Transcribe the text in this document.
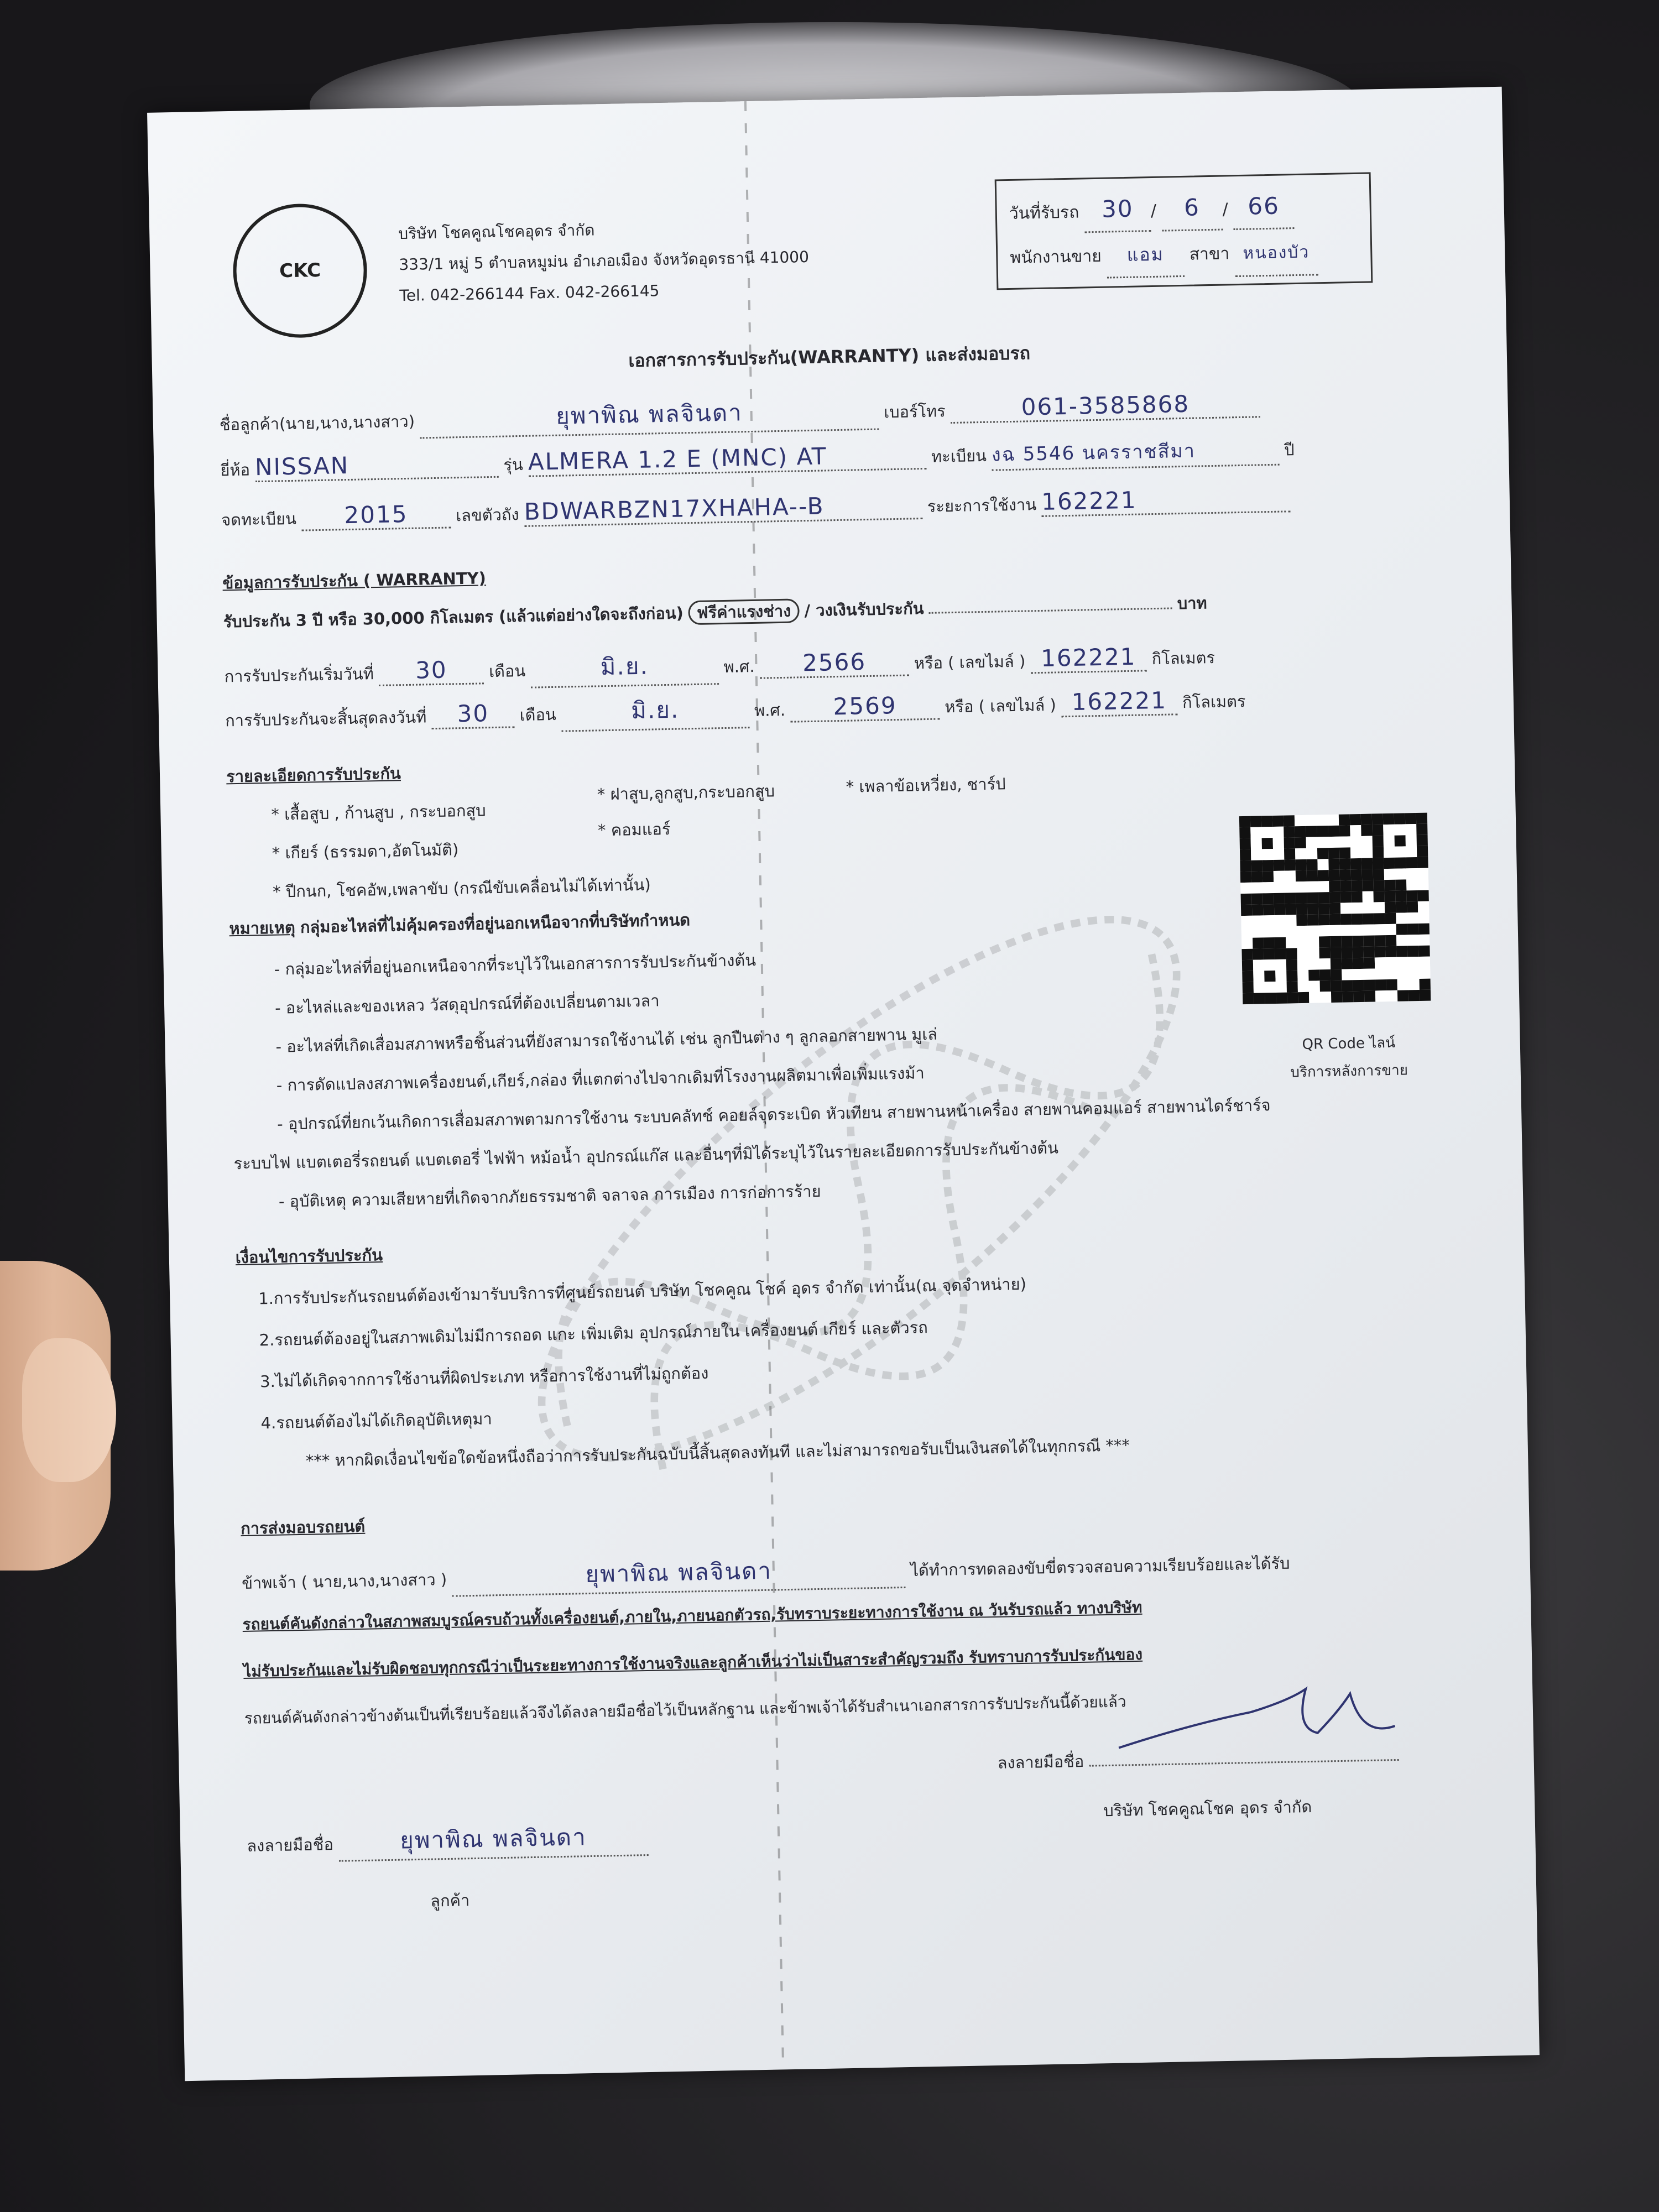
CKC
บริษัท โชคคูณโชคอุดร จำกัด
333/1 หมู่ 5 ตำบลหมูม่น อำเภอเมือง จังหวัดอุดรธานี 41000
Tel. 042-266144 Fax. 042-266145
วันที่รับรถ 30 / 6 / 66
พนักงานขาย แอม สาขา หนองบัว
เอกสารการรับประกัน(WARRANTY) และส่งมอบรถ
ชื่อลูกค้า(นาย,นาง,นางสาว)	ยุพาพิณ พลจินดา	เบอร์โทร	061-3585868
ยี่ห้อ NISSAN	รุ่น ALMERA 1.2 E (MNC) AT	ทะเบียน งฉ 5546 นครราชสีมา	ปี
จดทะเบียน 2015	เลขตัวถัง BDWARBZN17XHAHA--B	ระยะการใช้งาน 162221
ข้อมูลการรับประกัน ( WARRANTY)
รับประกัน 3 ปี หรือ 30,000 กิโลเมตร (แล้วแต่อย่างใดจะถึงก่อน) ฟรีค่าแรงช่าง / วงเงินรับประกัน	บาท
การรับประกันเริ่มวันที่ 30	เดือน	มิ.ย.	พ.ศ. 2566	หรือ ( เลขไมล์ ) 162221 กิโลเมตร
การรับประกันจะสิ้นสุดลงวันที่ 30 เดือน	มิ.ย.	พ.ศ. 2569	หรือ ( เลขไมล์ ) 162221 กิโลเมตร
รายละเอียดการรับประกัน
* เสื้อสูบ , ก้านสูบ , กระบอกสูบ
* ฝาสูบ,ลูกสูบ,กระบอกสูบ	* เพลาข้อเหวี่ยง, ชาร์ป
* เกียร์ (ธรรมดา,อัตโนมัติ)
* คอมแอร์
* ปีกนก, โชคอัพ,เพลาขับ (กรณีขับเคลื่อนไม่ได้เท่านั้น)
หมายเหตุ กลุ่มอะไหล่ที่ไม่คุ้มครองที่อยู่นอกเหนือจากที่บริษัทกำหนด
- กลุ่มอะไหล่ที่อยู่นอกเหนือจากที่ระบุไว้ในเอกสารการรับประกันข้างต้น
- อะไหล่และของเหลว วัสดุอุปกรณ์ที่ต้องเปลี่ยนตามเวลา
- อะไหล่ที่เกิดเสื่อมสภาพหรือชิ้นส่วนที่ยังสามารถใช้งานได้ เช่น ลูกปืนต่าง ๆ ลูกลอกสายพาน มูเล่
- การดัดแปลงสภาพเครื่องยนต์,เกียร์,กล่อง ที่แตกต่างไปจากเดิมที่โรงงานผลิตมาเพื่อเพิ่มแรงม้า
- อุปกรณ์ที่ยกเว้นเกิดการเสื่อมสภาพตามการใช้งาน ระบบคลัทช์ คอยล์จุดระเบิด หัวเทียน สายพานหน้าเครื่อง สายพานคอมแอร์ สายพานไดร์ชาร์จ
ระบบไฟ แบตเตอรี่รถยนต์ แบตเตอรี่ ไฟฟ้า หม้อน้ำ อุปกรณ์แก๊ส และอื่นๆที่มิได้ระบุไว้ในรายละเอียดการรับประกันข้างต้น
- อุบัติเหตุ ความเสียหายที่เกิดจากภัยธรรมชาติ จลาจล การเมือง การก่อการร้าย
QR Code ไลน์
บริการหลังการขาย
เงื่อนไขการรับประกัน
1.การรับประกันรถยนต์ต้องเข้ามารับบริการที่ศูนย์รถยนต์ บริษัท โชคคูณ โชค์ อุดร จำกัด เท่านั้น(ณ จุดจำหน่าย)
2.รถยนต์ต้องอยู่ในสภาพเดิมไม่มีการถอด แกะ เพิ่มเติม อุปกรณ์ภายใน เครื่องยนต์ เกียร์ และตัวรถ
3.ไม่ได้เกิดจากการใช้งานที่ผิดประเภท หรือการใช้งานที่ไม่ถูกต้อง
4.รถยนต์ต้องไม่ได้เกิดอุบัติเหตุมา
*** หากผิดเงื่อนไขข้อใดข้อหนึ่งถือว่าการรับประกันฉบับนี้สิ้นสุดลงทันที และไม่สามารถขอรับเป็นเงินสดได้ในทุกกรณี ***
การส่งมอบรถยนต์
ข้าพเจ้า ( นาย,นาง,นางสาว )	ยุพาพิณ พลจินดา	ได้ทำการทดลองขับขี่ตรวจสอบความเรียบร้อยและได้รับ
รถยนต์คันดังกล่าวในสภาพสมบูรณ์ครบถ้วนทั้งเครื่องยนต์,ภายใน,ภายนอกตัวรถ,รับทราบระยะทางการใช้งาน ณ วันรับรถแล้ว ทางบริษัท
ไม่รับประกันและไม่รับผิดชอบทุกกรณีว่าเป็นระยะทางการใช้งานจริงและลูกค้าเห็นว่าไม่เป็นสาระสำคัญรวมถึง รับทราบการรับประกันของ
รถยนต์คันดังกล่าวข้างต้นเป็นที่เรียบร้อยแล้วจึงได้ลงลายมือชื่อไว้เป็นหลักฐาน และข้าพเจ้าได้รับสำเนาเอกสารการรับประกันนี้ด้วยแล้ว
ลงลายมือชื่อ
บริษัท โชคคูณโชค อุดร จำกัด
ลงลายมือชื่อ	ยุพาพิณ พลจินดา
ลูกค้า
